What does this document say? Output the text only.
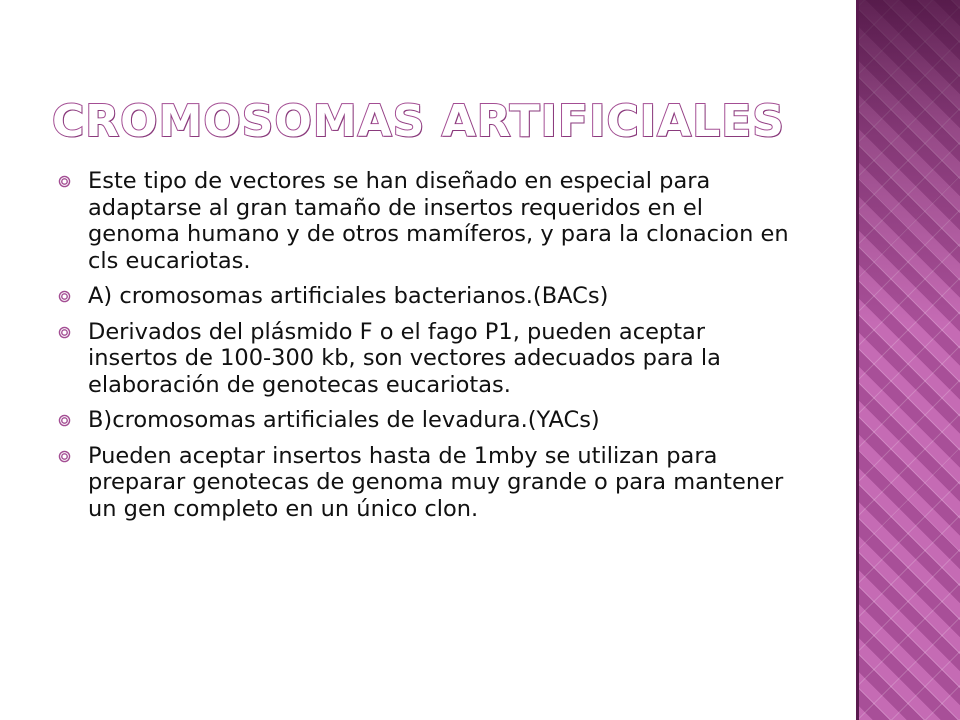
CROMOSOMAS ARTIFICIALES
Este tipo de vectores se han diseñado en especial para adaptarse al gran tamaño de insertos requeridos en el genoma humano y de otros mamíferos, y para la clonacion en cls eucariotas.
A) cromosomas artificiales bacterianos.(BACs)
Derivados del plásmido F o el fago P1, pueden aceptar insertos de 100-300 kb, son vectores adecuados para la elaboración de genotecas eucariotas.
B)cromosomas artificiales de levadura.(YACs)
Pueden aceptar insertos hasta de 1mby se utilizan para preparar genotecas de genoma muy grande o para mantener un gen completo en un único clon.
